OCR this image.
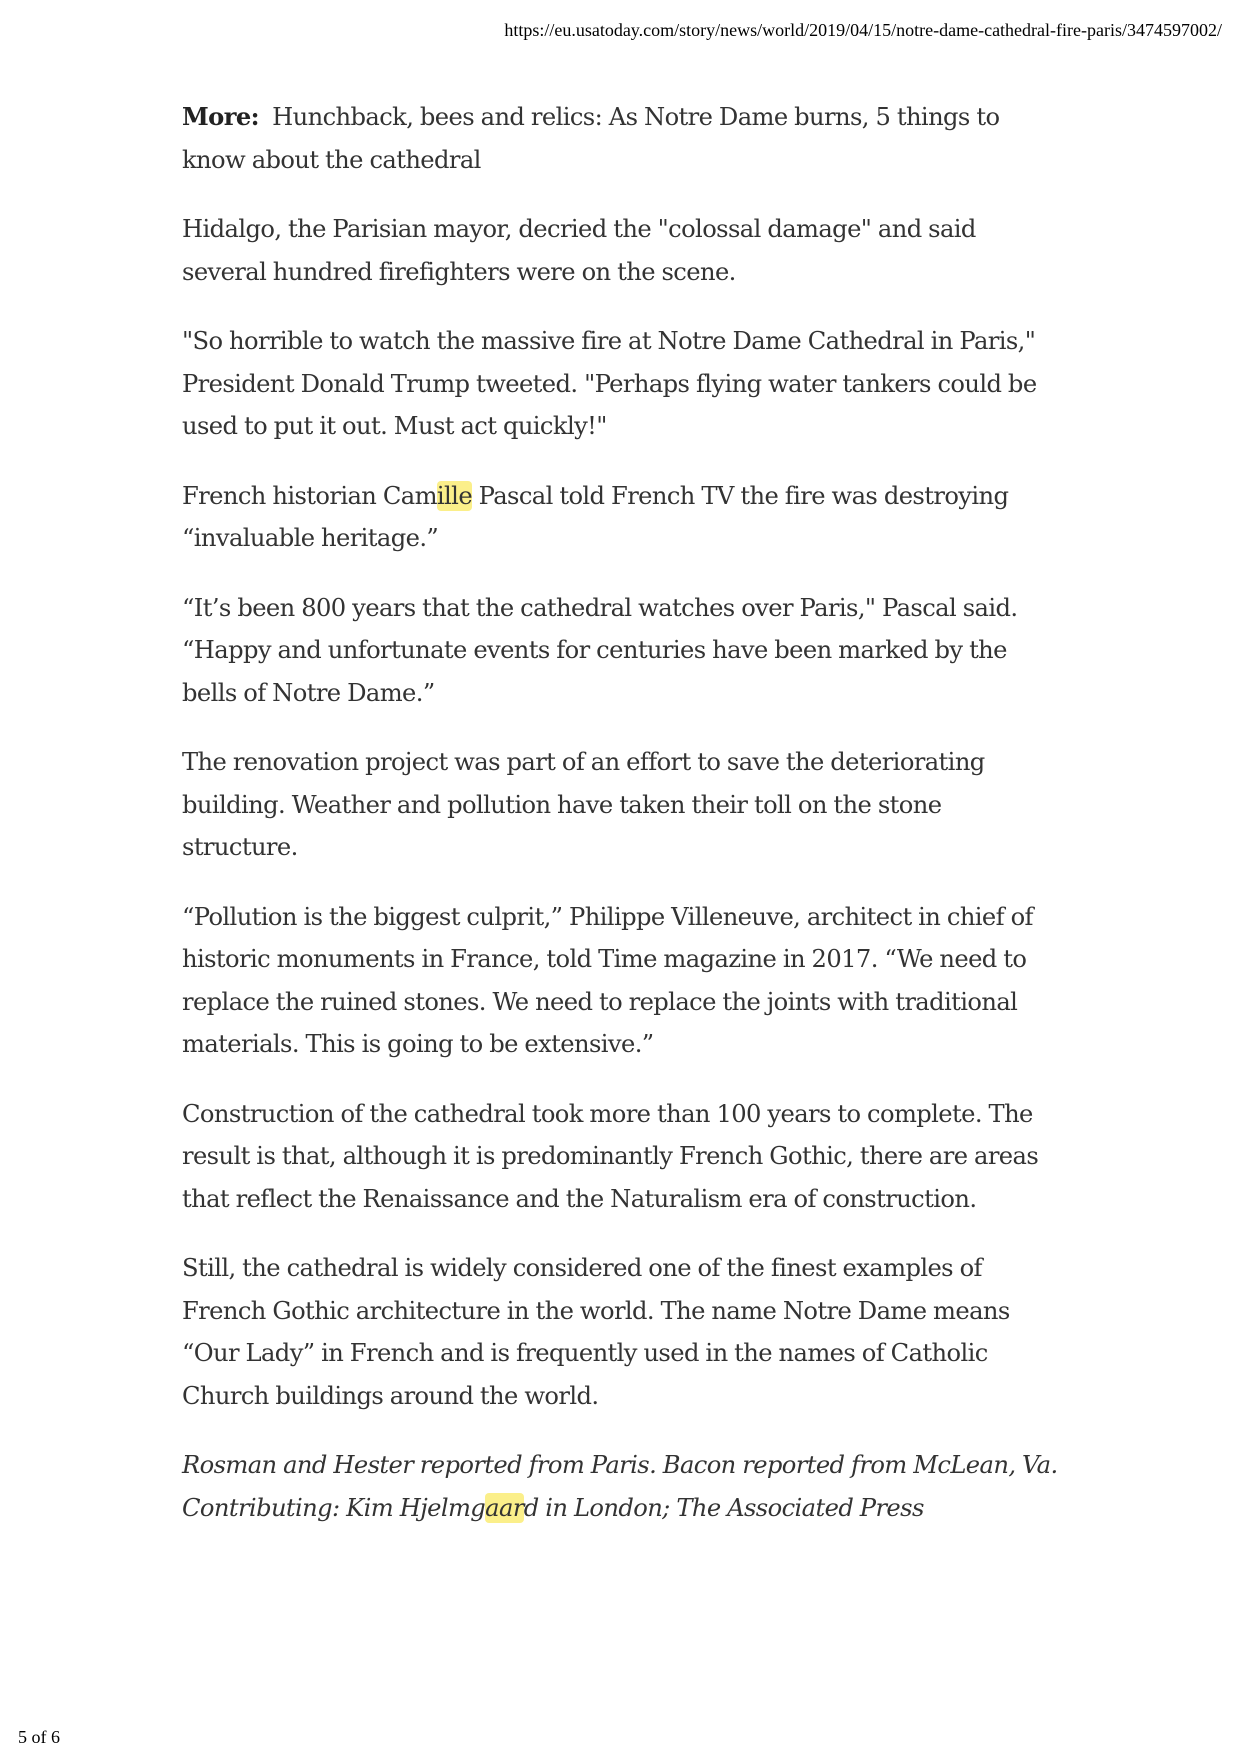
https://eu.usatoday.com/story/news/world/2019/04/15/notre-dame-cathedral-fire-paris/3474597002/

More: Hunchback, bees and relics: As Notre Dame burns, 5 things to know about the cathedral

Hidalgo, the Parisian mayor, decried the "colossal damage" and said several hundred firefighters were on the scene.

"So horrible to watch the massive fire at Notre Dame Cathedral in Paris," President Donald Trump tweeted. "Perhaps flying water tankers could be used to put it out. Must act quickly!"

French historian Camille Pascal told French TV the fire was destroying “invaluable heritage.”

“It’s been 800 years that the cathedral watches over Paris," Pascal said. “Happy and unfortunate events for centuries have been marked by the bells of Notre Dame.”

The renovation project was part of an effort to save the deteriorating building. Weather and pollution have taken their toll on the stone structure.

“Pollution is the biggest culprit,” Philippe Villeneuve, architect in chief of historic monuments in France, told Time magazine in 2017. “We need to replace the ruined stones. We need to replace the joints with traditional materials. This is going to be extensive.”

Construction of the cathedral took more than 100 years to complete. The result is that, although it is predominantly French Gothic, there are areas that reflect the Renaissance and the Naturalism era of construction.

Still, the cathedral is widely considered one of the finest examples of French Gothic architecture in the world. The name Notre Dame means “Our Lady” in French and is frequently used in the names of Catholic Church buildings around the world.

Rosman and Hester reported from Paris. Bacon reported from McLean, Va. Contributing: Kim Hjelmgaard in London; The Associated Press

5 of 6
